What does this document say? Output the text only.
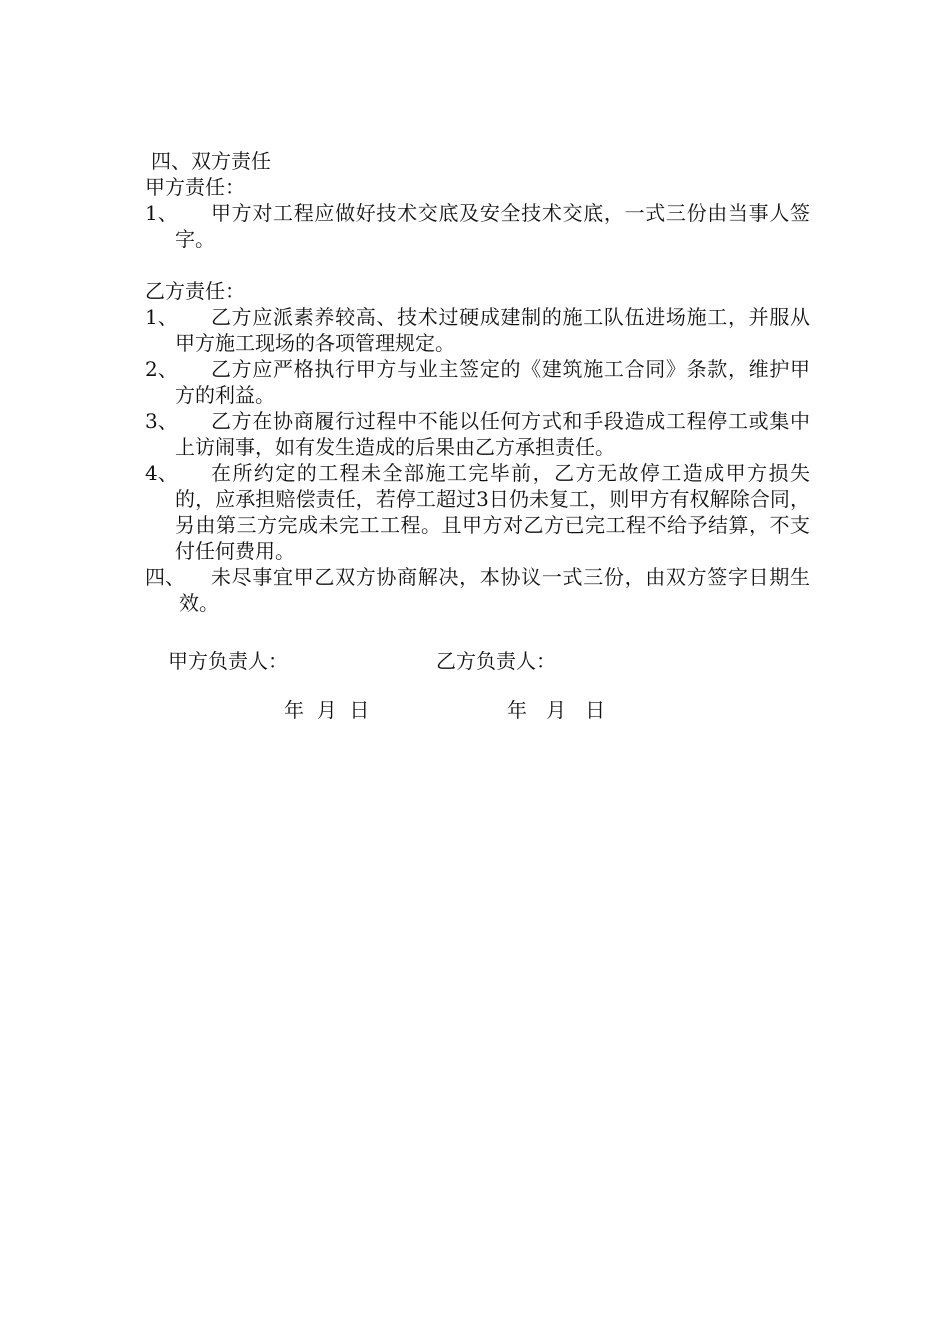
四、双方责任

甲方责任：

1、	甲方对工程应做好技术交底及安全技术交底，一式三份由当事人签字。

乙方责任：

1、	乙方应派素养较高、技术过硬成建制的施工队伍进场施工，并服从甲方施工现场的各项管理规定。
2、	乙方应严格执行甲方与业主签定的《建筑施工合同》条款，维护甲方的利益。
3、	乙方在协商履行过程中不能以任何方式和手段造成工程停工或集中上访闹事，如有发生造成的后果由乙方承担责任。
4、	在所约定的工程未全部施工完毕前，乙方无故停工造成甲方损失的，应承担赔偿责任，若停工超过3日仍未复工，则甲方有权解除合同，另由第三方完成未完工工程。且甲方对乙方已完工程不给予结算，不支付任何费用。
四、	未尽事宜甲乙双方协商解决，本协议一式三份，由双方签字日期生效。
甲方负责人：	乙方负责人：
年  月  日	年   月   日
